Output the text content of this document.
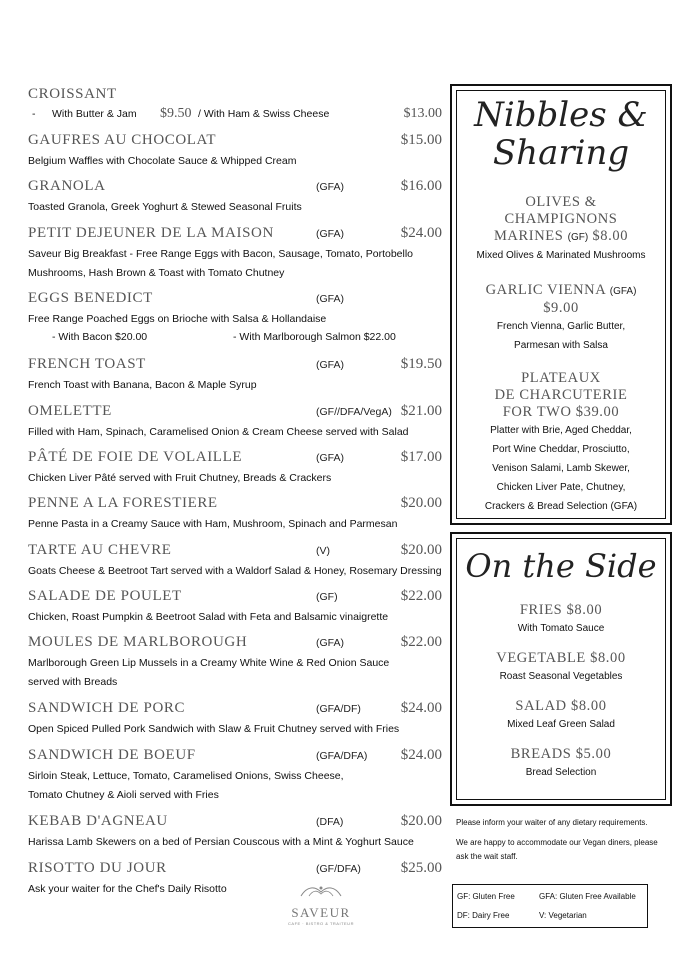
CROISSANT
- With Butter & Jam $9.50 / With Ham & Swiss Cheese	$13.00
GAUFRES AU CHOCOLAT	$15.00
Belgium Waffles with Chocolate Sauce & Whipped Cream
GRANOLA	(GFA)	$16.00
Toasted Granola, Greek Yoghurt & Stewed Seasonal Fruits
PETIT DEJEUNER DE LA MAISON	(GFA)	$24.00
Saveur Big Breakfast - Free Range Eggs with Bacon, Sausage, Tomato, Portobello
Mushrooms, Hash Brown & Toast with Tomato Chutney
EGGS BENEDICT	(GFA)
Free Range Poached Eggs on Brioche with Salsa & Hollandaise
- With Bacon $20.00	- With Marlborough Salmon $22.00
FRENCH TOAST	(GFA)	$19.50
French Toast with Banana, Bacon & Maple Syrup
OMELETTE	(GF//DFA/VegA) $21.00
Filled with Ham, Spinach, Caramelised Onion & Cream Cheese served with Salad
PÂTÉ DE FOIE DE VOLAILLE	(GFA)	$17.00
Chicken Liver Pâté served with Fruit Chutney, Breads & Crackers
PENNE A LA FORESTIERE	$20.00
Penne Pasta in a Creamy Sauce with Ham, Mushroom, Spinach and Parmesan
TARTE AU CHEVRE	(V)	$20.00
Goats Cheese & Beetroot Tart served with a Waldorf Salad & Honey, Rosemary Dressing
SALADE DE POULET	(GF)	$22.00
Chicken, Roast Pumpkin & Beetroot Salad with Feta and Balsamic vinaigrette
MOULES DE MARLBOROUGH	(GFA)	$22.00
Marlborough Green Lip Mussels in a Creamy White Wine & Red Onion Sauce
served with Breads
SANDWICH DE PORC	(GFA/DF)	$24.00
Open Spiced Pulled Pork Sandwich with Slaw & Fruit Chutney served with Fries
SANDWICH DE BOEUF	(GFA/DFA) $24.00
Sirloin Steak, Lettuce, Tomato, Caramelised Onions, Swiss Cheese,
Tomato Chutney & Aioli served with Fries
KEBAB D'AGNEAU	(DFA)	$20.00
Harissa Lamb Skewers on a bed of Persian Couscous with a Mint & Yoghurt Sauce
RISOTTO DU JOUR	(GF/DFA)	$25.00
Ask your waiter for the Chef's Daily Risotto
SAVEUR
CAFE · BISTRO & TRAITEUR
Nibbles &
Sharing
OLIVES &
CHAMPIGNONS
MARINES (GF) $8.00
Mixed Olives & Marinated Mushrooms
GARLIC VIENNA (GFA)
$9.00
French Vienna, Garlic Butter,
Parmesan with Salsa
PLATEAUX
DE CHARCUTERIE
FOR TWO $39.00
Platter with Brie, Aged Cheddar,
Port Wine Cheddar, Prosciutto,
Venison Salami, Lamb Skewer,
Chicken Liver Pate, Chutney,
Crackers & Bread Selection (GFA)
On the Side
FRIES $8.00
With Tomato Sauce
VEGETABLE $8.00
Roast Seasonal Vegetables
SALAD $8.00
Mixed Leaf Green Salad
BREADS $5.00
Bread Selection
Please inform your waiter of any dietary requirements.
We are happy to accommodate our Vegan diners, please ask the wait staff.
GF: Gluten Free	GFA: Gluten Free Available
DF: Dairy Free	V: Vegetarian
